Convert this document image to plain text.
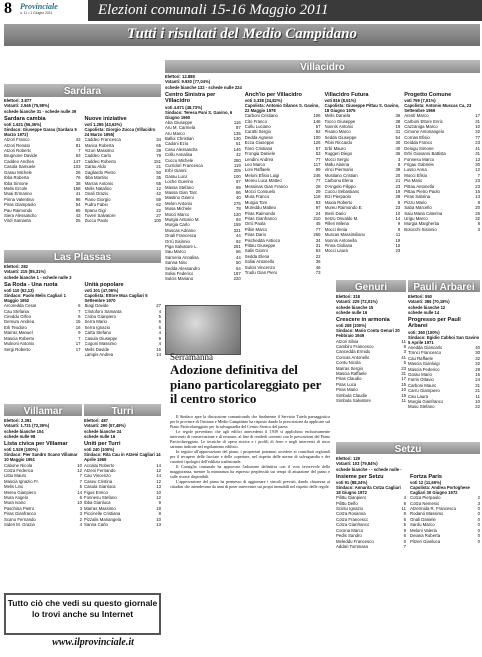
8	Provinciale
n. 11 • 1 Giugno 2011	Elezioni comunali 15-16 Maggio 2011
Tutti i risultati del Medio Campidano
Sardara
Elettori: 3.877
Votanti: 2.946 (75,98%)
schede bianche 31 - schede nulle 39
Sardara cambia
voti 1.621 (56,36%)
Sindaco: Giuseppe Garau (Sardara 5 Marzo 1972)
Atzori Franco	43
Atzori Renato	81
Atzori Roberto	7
Brugnone Davide	63
Caddeo Andrea	147
Casula Samuele	103
Garau Michele	26
Ibba Roberta	76
Ibba Simone	38
Melis Ercole	158
Muai Ermanno	41
Pinna Valentina	96
Piras Giampaolo	54
Pau Raimondo	65
Siera Alessandro	43
Virdi Samanta	25
Nuove iniziative
voti 1.255 (43,63%)
Capolista: Giorgio Zucca (Villacidro 24 Marzo 1955)
Caddeo Francesca	34
Manca Roberta	65
Atzori Massimo	39
Caddeo Carlo	79
Caddeo Roberto	151
Garau Aldo	21
Gagliardo Pietro	50
Ibba Martino	35
Marras Antonio	65
Melis Natalino	12
Onali Orazio	42
Piano Giorgio	59
Pudru Fabio	62
Spanu Gigi	22
Tuveri Salvatore	27
Zuccu Paolo	100
Las Plassas
Elettori: 282
Votanti: 215 (85,31%)
schede bianche 1 - schede nulle 3
Sa Roda - Una ruota
voti 110 (52,13)
Sindaco: Paolo Melis Cagliari 1 Maggio 1952
Arcoredda Cesar	6
Cau Stefania	7
Cireddu Orfeo	6
Demuru Andrea	15
Erli Teodoro	16
Marras Manuel	9
Mascia Roberto	7
Mulvoni Antonio	17
Sergi Roberto	17
Unità popolare
voti 101 (47,06%)
Capolista: Ettore Mua Cagliari 5 Settembre 1970
Biagi Davide	27
Cristoforo Samanta	4
Crobu Gianpiero	5
Serra Mario	6
Serra Ignazio	6
Carta Stefano	4
Casula Giuseppe	9
Cogoni Massimo	4
Melis Davide	15
Lampis Andrea	14
Villamar
Elettori: 2.391
Votanti: 1.731 (72,39%)
schede bianche 104
schede nulle 98
Lista civica per Villamar
voti 1.529 (100%)
Sindaco: Pier Sandro Scano Villamar 10 Maggio 1951
Cabone Nicola	10
Cotza Federica	12
Littiu Mauro	7
Mascia Ignazio Fr.	7
Melis Lino	5
Mereu Gianpiero	14
Mura Angelo	6
Mura Ivano	10
Paschina Pietro	3
Piras Gianfranco	3
Scano Fernando	2
Sideri M. Grazia	4
Turri
Elettori: 487
Votanti: 290 (57,49%)
schede bianche 24
schede nulle 16
Uniti per Turri
voti 240 (100%)
Sindaco: Rita Cau in Atzeni Cagliari 14 Aprile 1969
Accalai Roberto	14
Atzeni Fernando	12
Cau Vincenzo	14
Caseu Cristina	12
Casula Gianluca	13
Figus Enrico	10
Fonnesu Stefano	12
Ibba Gianluca	9
Marras Massimo	18
Piccinelle Cristiana	8
Pizzalis Mariangela	10
Sanna Carlo	13
Tutto ciò che vedi su questo giornale lo trovi anche su Internet
www.ilprovinciale.it
Villacidro
Elettori: 12.888
Votanti: 9.930 (77,04%)
schede bianche 132 - schede nulle 224
Centro Sinistra per Villacidro
voti 4.671 (48,73%)
Sindaco: Teresa Pani S. Gavino, 6 Giugno 1960
Aba Giuseppe	116
Aru M. Carmela	87
Aru Marco	135
Balloi Christian	130
Cadoni Ezio	51
Casu Alessandra	146
Collu Annalisa	42
Cuccu Michele	280
Curridori Francesca	119
Erbì Gianni	209
Garau Luca	100
Loche Guerino	97
Massa Stefano	99
Massa Gian Tarc	86
Mastino Gianni	40
Melon Antonio	275
Musa Michele	78
Mocci Marco	120
Murgia Antonio M.	94
Murgia Carlo	159
Muscas Adriano	321
Onali Francesca	44
Orrù Sisinnio	92
Piga Salvatore L.	281
Sau Marco	56
Sarneria Annalisa	44
Sanna Nino	50
Sedda Alessandro	54
Soliai Federico	197
Sulcis Mariano	220
Anch'io per Villacidro
voti 3.338 (34,82%)
Capolista: Antonio Silanos S. Gavino, 22 Maggio 1978
Carboni Cristiano	106
Cito Franco	146
Collu Luciano	57
Curatti Sergio	92
Dedda Agnese	100
Ecca Giuseppe	126
Farci Cristiana	57
Frongia Daniele	53
Lendini Andrea	77
Leo Marco	117
Loni Raffaele	99
Meloni Efisio Luigi	246
Mereu Luca Matteo	77
Messinas Gian Franco	28
Mocci Consuelo	29
Mura Franco	118
Murgia Tore	93
Mureddu Matteo	97
Piras Raimondo	24
Piras Gianfranco	210
Orrù Paola	45
Pibiri Marco	77
Piras Dario	265
Pischedda Antioco	34
Pittau Giuseppe	31
Salis Gionni	63
Sedda Elena	22
Soliai Antonello	36
Sulcis Vincenzo	46
Trudu Gian Piero	73
Villacidro Futura
voti 816 (8,51%)
Capolista: Giuseppe Pittau S. Gavino, 18 Giugno 1975
Melis Daniela	36
Tocco Giuseppe	38
Nonnis Antonio	19
Pisano Marco	31
Sedda Giuseppe	54
Pibiri Riccardo	30
Erbì Mauro	40
Ruggeri Diego	36
Mocci Sergio	3
Mallu Alanna	8
Vinci Piermario	39
Mustiano Cristian	20
Carbonu Elena	21
D'Angelo Filippo	23
Cuccu Sebastiano	19
Etzi Pierpaolo	28
Maxia Roberto	8
Mureu Raimondo E.	23
Sterii Dario	10
Setzu Osvaldo M.	14
Pilleri Milena	9
Mocci Ilenia	9
Muscas Massimiliano	11
Nonnis Antonella	19
Pinna Giuliana	15
Mocci Laura	23
Progetto Comune
voti 759 (7,91%)
Capolista: Antonio Muscas Ca, 23 Settembre 1969
Arestí Marco	17
Carboni Ettore Enric	31
Cazzaniga Marco	10
Cimone Antonangelo	32
Corrias Efisio	77
Deidda Franco	23
Deiogu Simone	41
Erbì Giovanni Battista	31
Fonnesu Marco	13
Frigau Gabriele	30
Lusso Anna	12
Mocci Efisio	7
Pia Mario	23
Pittau Antonella	23
Pittau Pietro Paolo	15
Piras Sabrina	13
Pizzu Mario	8
Saba Marcello	20
Saiu Maria Caterina	26
Urigu Marco	32
Murgia Margherita	8
Bolocchi Sisinnio	3
Serramanna
Adozione definitiva del piano particolareggiato per il centro storico

Il Sindaco apre la discussione comunicando che finalmente il Servizio Tutela paesaggistica per le province di Oristano e Medio Campidano ha risposto dando la prescrizione da applicare sul Piano Particolareggiato per la salvaguardia del Centro Storico del paese.

Le regole prevedono che agli edifici antecedenti il 1939 si applichino esclusivamente interventi di conservazione e di restauro, al fine di renderli coerenti con le prescrizioni del Piano Particolareggiato. Le tecniche di opera storica e i profili di ferro e negli interventi di riuso saranno indicate nel regolamento edilizio.

In seguito all'approvazione del piano, i proprietari potranno accedere ai contributi regionali per il recupero delle facciate e delle coperture, nel rispetto delle norme di salvaguardia e dei caratteri tipologici dell'edilizia tradizionale.

Il Consiglio comunale ha approvato l'adozione definitiva con il voto favorevole della maggioranza, mentre la minoranza ha espresso perplessità sui tempi di attuazione del piano e sulle risorse disponibili.

L'approvazione del piano ha permesso di aggiornare i vincoli previsti, dando chiarezza ai cittadini che attendevano da anni di poter intervenire sui propri immobili nel rispetto delle regole.

Genuri
Elettori: 318
Votanti: 229 (72,01%)
schede bianche 15
schede nulle 16
Crescere in armonia
voti 208 (100%)
Sindaco: Mario Contu Genuri 20 Febbraio 1949
Atzori Silvia	11
Cambiro Francesco	8
Cancedda Ermido	3
Concas Antonello	41
Contu Nicola	5
Marras Sergio	23
Mascia Raffaele	31
Piras Claudio	17
Piras Luca	15
Piras Mario	10
Simbula Claudie	19
Simbula Salvatore	11
Pauli Arbarei
Elettori: 550
Votanti: 386 (70,18%)
schede bianche 12
schede nulle 14
Progresso per Pauli Arbarei
voti: 360 (100%)
Sindaco: Egidio Cabboi San Gavino 5 Aprile 1971
Anedda Giancarlo	40
Tronci Francesco	30
Cau Raffaele	32
Mascia Gianluigi	32
Mascia Federico	28
Garau Mario	15
Farris Ottavio	24
Carboni Mauro	31
Carru Giampiero	21
Cau Laura	11
Murgia Gianfranco	10
Musu Stefano	22
Setzu
Elettori: 129
Votanti: 103 (79,84%)
schede bianche - - schede nulle -
Insieme per Setzu
voti 91 (88,34%)
Sindaco: Annarita Cotza Cagliari 18 Giugno 1972
Pilittu Gianpiero	4
Pilittu Delfo	9
Scintu Ignazio	11
Cotza Rosanna	9
Cotza Francesco	5
Cotza Gianfranco	5
Corona Marco	9
Pedis Sandro	6
Meleddu Francesco	0
Addari Tommaso	7
Fortza Paris
voti 12 (11,65%)
Capolista: Andrea Portoghese Cagliari 30 Giugno 1972
Cotza Pierpaolo	2
Cotza Nemesio	3
Atzermida R. Francesco	0
Rodanó Massimo	0
Onali Daniele	0
Sardu Marco	0
Meloni Valeria	0
Deiana Roberta	0
Pitzeri Gianluca	0
